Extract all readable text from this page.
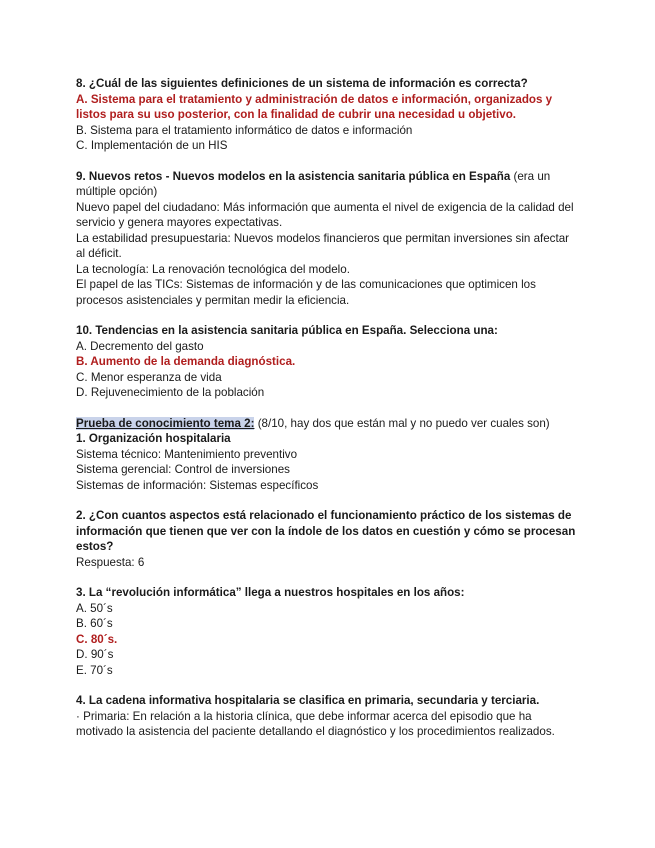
8. ¿Cuál de las siguientes definiciones de un sistema de información es correcta?
A. Sistema para el tratamiento y administración de datos e información, organizados y listos para su uso posterior, con la finalidad de cubrir una necesidad u objetivo.
B. Sistema para el tratamiento informático de datos e información
C. Implementación de un HIS
9. Nuevos retos - Nuevos modelos en la asistencia sanitaria pública en España (era un múltiple opción)
Nuevo papel del ciudadano: Más información que aumenta el nivel de exigencia de la calidad del servicio y genera mayores expectativas.
La estabilidad presupuestaria: Nuevos modelos financieros que permitan inversiones sin afectar al déficit.
La tecnología: La renovación tecnológica del modelo.
El papel de las TICs: Sistemas de información y de las comunicaciones que optimicen los procesos asistenciales y permitan medir la eficiencia.
10. Tendencias en la asistencia sanitaria pública en España. Selecciona una:
A. Decremento del gasto
B. Aumento de la demanda diagnóstica.
C. Menor esperanza de vida
D. Rejuvenecimiento de la población
Prueba de conocimiento tema 2: (8/10, hay dos que están mal y no puedo ver cuales son)
1. Organización hospitalaria
Sistema técnico: Mantenimiento preventivo
Sistema gerencial: Control de inversiones
Sistemas de información: Sistemas específicos
2. ¿Con cuantos aspectos está relacionado el funcionamiento práctico de los sistemas de información que tienen que ver con la índole de los datos en cuestión y cómo se procesan estos?
Respuesta: 6
3. La “revolución informática” llega a nuestros hospitales en los años:
A. 50´s
B. 60´s
C. 80´s.
D. 90´s
E. 70´s
4. La cadena informativa hospitalaria se clasifica en primaria, secundaria y terciaria.
· Primaria: En relación a la historia clínica, que debe informar acerca del episodio que ha motivado la asistencia del paciente detallando el diagnóstico y los procedimientos realizados.
